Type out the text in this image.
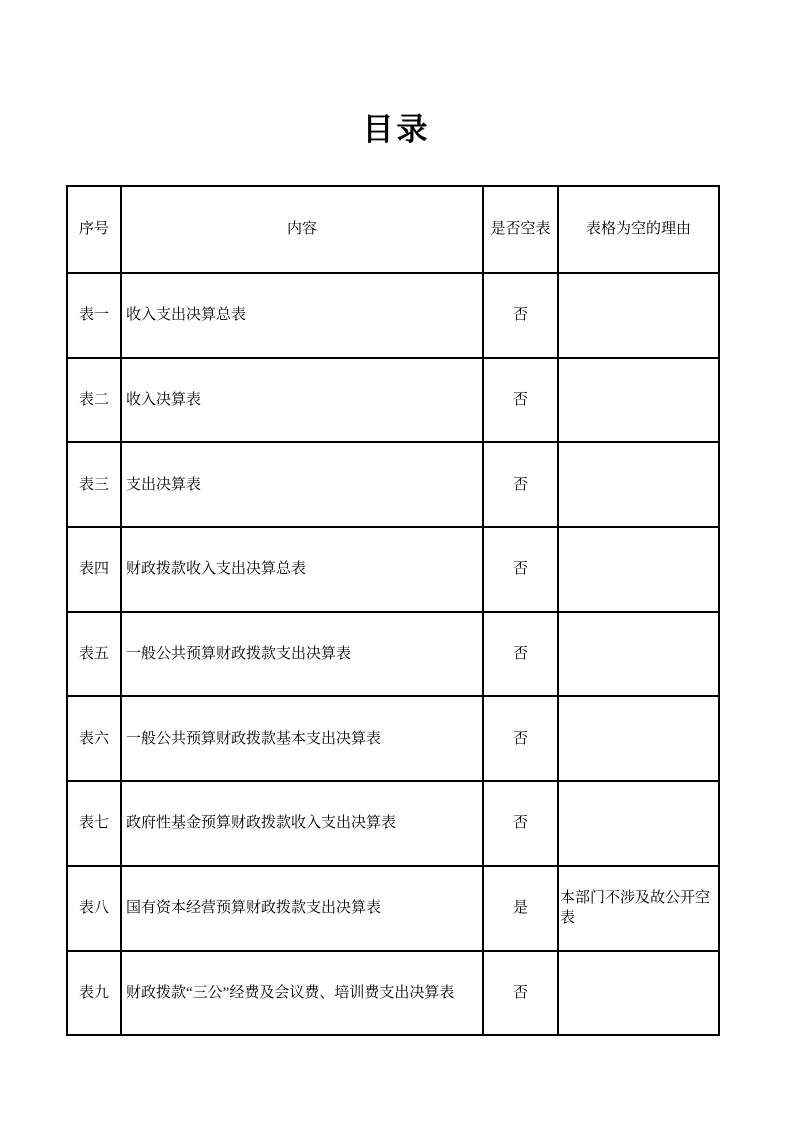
目录
序号	内容	是否空表	表格为空的理由
表一	收入支出决算总表	否	
表二	收入决算表	否	
表三	支出决算表	否	
表四	财政拨款收入支出决算总表	否	
表五	一般公共预算财政拨款支出决算表	否	
表六	一般公共预算财政拨款基本支出决算表	否	
表七	政府性基金预算财政拨款收入支出决算表	否	
表八	国有资本经营预算财政拨款支出决算表	是	本部门不涉及故公开空表
表九	财政拨款“三公”经费及会议费、培训费支出决算表	否	
